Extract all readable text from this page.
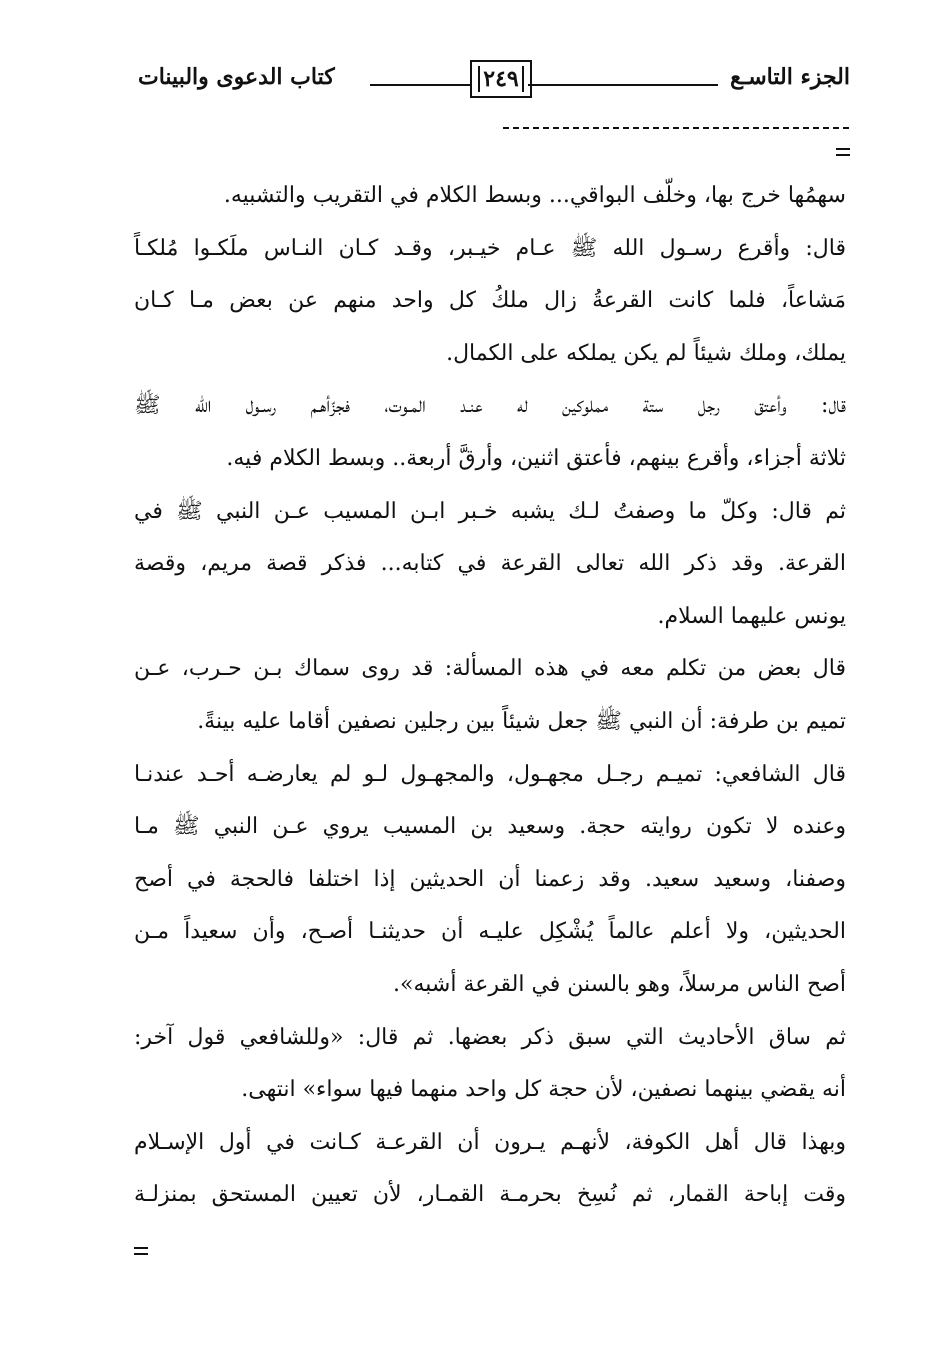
الجزء التاسـع
٢٤٩
كتاب الدعوى والبينات
سهمُها خرج بها، وخلّف البواقي... وبسط الكلام في التقريب والتشبيه.
قال: وأقرع رسـول الله ﷺ عـام خيـبر، وقـد كـان النـاس ملَكـوا مُلكـاً
مَشاعاً، فلما كانت القرعةُ زال ملكُ كل واحد منهم عن بعض مـا كـان
يملك، وملك شيئاً لم يكن يملكه على الكمال.
قال: وأعتق رجل ستة مملوكين له عنـد المـوت، فجزّأهـم رسـول الله ﷺ
ثلاثة أجزاء، وأقرع بينهم، فأعتق اثنين، وأرقَّ أربعة.. وبسط الكلام فيه.
ثم قال: وكلّ ما وصفتُ لـك يشبه خـبر ابـن المسيب عـن النبي ﷺ في
القرعة. وقد ذكر الله تعالى القرعة في كتابه... فذكر قصة مريم، وقصة
يونس عليهما السلام.
قال بعض من تكلم معه في هذه المسألة: قد روى سماك بـن حـرب، عـن
تميم بن طرفة: أن النبي ﷺ جعل شيئاً بين رجلين نصفين أقاما عليه بينةً.
قال الشافعي: تميـم رجـل مجهـول، والمجهـول لـو لم يعارضـه أحـد عندنـا
وعنده لا تكون روايته حجة. وسعيد بن المسيب يروي عـن النبي ﷺ مـا
وصفنا، وسعيد سعيد. وقد زعمنا أن الحديثين إذا اختلفا فالحجة في أصح
الحديثين، ولا أعلم عالماً يُشْكِل عليـه أن حديثنـا أصـح، وأن سعيداً مـن
أصح الناس مرسلاً، وهو بالسنن في القرعة أشبه».
ثم ساق الأحاديث التي سبق ذكر بعضها. ثم قال: «وللشافعي قول آخر:
أنه يقضي بينهما نصفين، لأن حجة كل واحد منهما فيها سواء» انتهى.
وبهذا قال أهل الكوفة، لأنهـم يـرون أن القرعـة كـانت في أول الإسـلام
وقت إباحة القمار، ثم نُسِخ بحرمـة القمـار، لأن تعيين المستحق بمنزلـة
